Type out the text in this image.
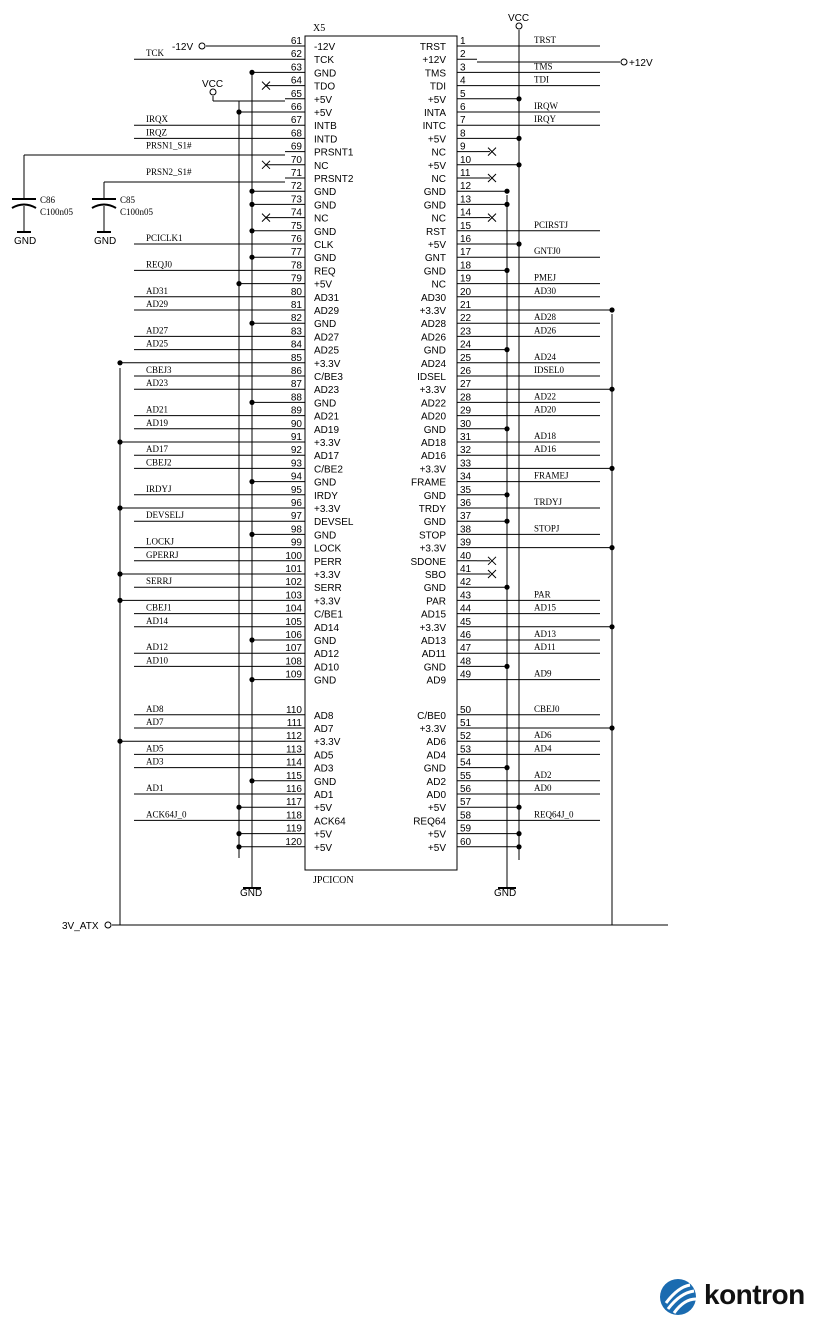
61
-12V
62
TCK
TCK
63
GND
64
TDO
65
+5V
66
+5V
67
INTB
IRQX
68
INTD
IRQZ
69
PRSNT1
PRSN1_S1#
70
NC
71
PRSNT2
PRSN2_S1#
72
GND
73
GND
74
NC
75
GND
76
CLK
PCICLK1
77
GND
78
REQ
REQJ0
79
+5V
80
AD31
AD31
81
AD29
AD29
82
GND
83
AD27
AD27
84
AD25
AD25
85
+3.3V
86
C/BE3
CBEJ3
87
AD23
AD23
88
GND
89
AD21
AD21
90
AD19
AD19
91
+3.3V
92
AD17
AD17
93
C/BE2
CBEJ2
94
GND
95
IRDY
IRDYJ
96
+3.3V
97
DEVSEL
DEVSELJ
98
GND
99
LOCK
LOCKJ
100
PERR
GPERRJ
101
+3.3V
102
SERR
SERRJ
103
+3.3V
104
C/BE1
CBEJ1
105
AD14
AD14
106
GND
107
AD12
AD12
108
AD10
AD10
109
GND
110
AD8
AD8
111
AD7
AD7
112
+3.3V
113
AD5
AD5
114
AD3
AD3
115
GND
116
AD1
AD1
117
+5V
118
ACK64
ACK64J_0
119
+5V
120
+5V
1
TRST
TRST
2
+12V
3
TMS
TMS
4
TDI
TDI
5
+5V
6
INTA
IRQW
7
INTC
IRQY
8
+5V
9
NC
10
+5V
11
NC
12
GND
13
GND
14
NC
15
RST
PCIRSTJ
16
+5V
17
GNT
GNTJ0
18
GND
19
NC
PMEJ
20
AD30
AD30
21
+3.3V
22
AD28
AD28
23
AD26
AD26
24
GND
25
AD24
AD24
26
IDSEL
IDSEL0
27
+3.3V
28
AD22
AD22
29
AD20
AD20
30
GND
31
AD18
AD18
32
AD16
AD16
33
+3.3V
34
FRAME
FRAMEJ
35
GND
36
TRDY
TRDYJ
37
GND
38
STOP
STOPJ
39
+3.3V
40
SDONE
41
SBO
42
GND
43
PAR
PAR
44
AD15
AD15
45
+3.3V
46
AD13
AD13
47
AD11
AD11
48
GND
49
AD9
AD9
50
C/BE0
CBEJ0
51
+3.3V
52
AD6
AD6
53
AD4
AD4
54
GND
55
AD2
AD2
56
AD0
AD0
57
+5V
58
REQ64
REQ64J_0
59
+5V
60
+5V
X5
JPCICON
VCC
VCC
-12V
+12V
GND	GND
3V_ATX
GND	GND
C86
C100n05
C85
C100n05
kontron
